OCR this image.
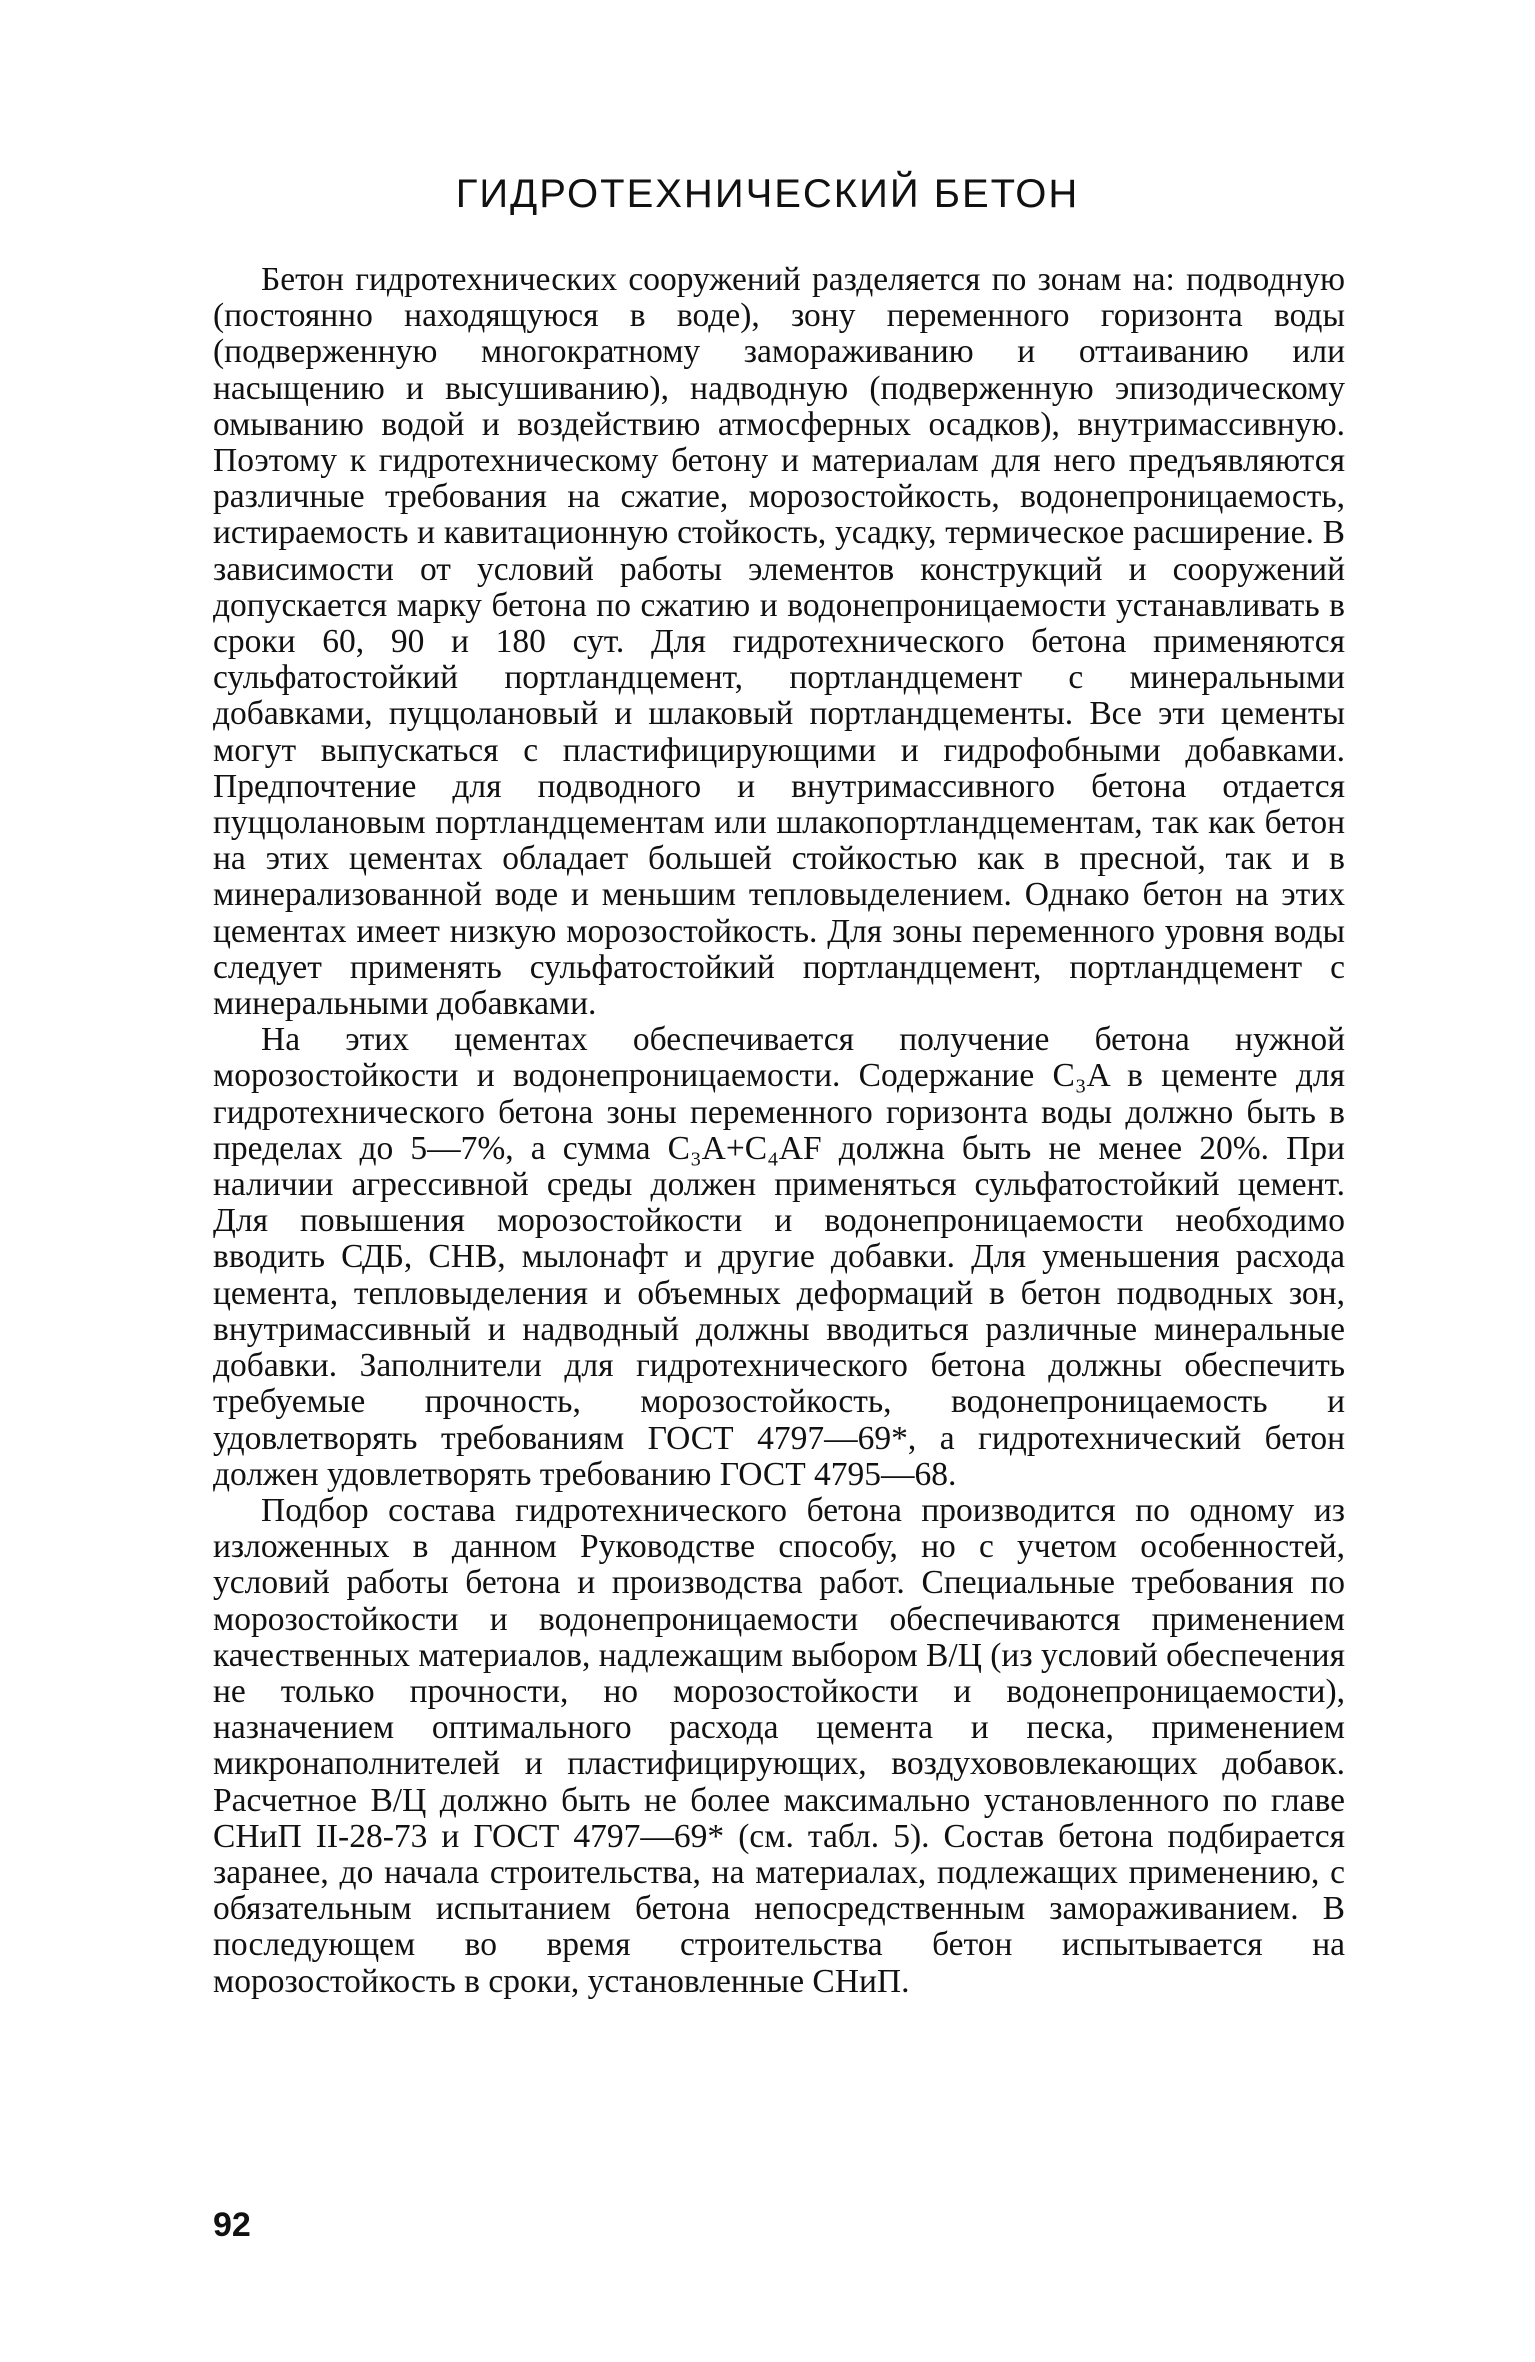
ГИДРОТЕХНИЧЕСКИЙ БЕТОН

Бетон гидротехнических сооружений разделяется по зонам на: подводную (постоянно находящуюся в воде), зону переменного горизонта воды (подверженную многократному замораживанию и оттаиванию или насыщению и высушиванию), надводную (подверженную эпизодическому омыванию водой и воздействию атмосферных осадков), внутримассивную. Поэтому к гидротехническому бетону и материалам для него предъявляются различные требования на сжатие, морозостойкость, водонепроницаемость, истираемость и кавитационную стойкость, усадку, термическое расширение. В зависимости от условий работы элементов конструкций и сооружений допускается марку бетона по сжатию и водонепроницаемости устанавливать в сроки 60, 90 и 180 сут. Для гидротехнического бетона применяются сульфатостойкий портландцемент, портландцемент с минеральными добавками, пуццолановый и шлаковый портландцементы. Все эти цементы могут выпускаться с пластифицирующими и гидрофобными добавками. Предпочтение для подводного и внутримассивного бетона отдается пуццолановым портландцементам или шлакопортландцементам, так как бетон на этих цементах обладает большей стойкостью как в пресной, так и в минерализованной воде и меньшим тепловыделением. Однако бетон на этих цементах имеет низкую морозостойкость. Для зоны переменного уровня воды следует применять сульфатостойкий портландцемент, портландцемент с минеральными добавками.

На этих цементах обеспечивается получение бетона нужной морозостойкости и водонепроницаемости. Содержание C₃A в цементе для гидротехнического бетона зоны переменного горизонта воды должно быть в пределах до 5—7%, а сумма C₃A+C₄AF должна быть не менее 20%. При наличии агрессивной среды должен применяться сульфатостойкий цемент. Для повышения морозостойкости и водонепроницаемости необходимо вводить СДБ, СНВ, мылонафт и другие добавки. Для уменьшения расхода цемента, тепловыделения и объемных деформаций в бетон подводных зон, внутримассивный и надводный должны вводиться различные минеральные добавки. Заполнители для гидротехнического бетона должны обеспечить требуемые прочность, морозостойкость, водонепроницаемость и удовлетворять требованиям ГОСТ 4797—69*, а гидротехнический бетон должен удовлетворять требованию ГОСТ 4795—68.

Подбор состава гидротехнического бетона производится по одному из изложенных в данном Руководстве способу, но с учетом особенностей, условий работы бетона и производства работ. Специальные требования по морозостойкости и водонепроницаемости обеспечиваются применением качественных материалов, надлежащим выбором В/Ц (из условий обеспечения не только прочности, но морозостойкости и водонепроницаемости), назначением оптимального расхода цемента и песка, применением микронаполнителей и пластифицирующих, воздухововлекающих добавок. Расчетное В/Ц должно быть не более максимально установленного по главе СНиП II-28-73 и ГОСТ 4797—69* (см. табл. 5). Состав бетона подбирается заранее, до начала строительства, на материалах, подлежащих применению, с обязательным испытанием бетона непосредственным замораживанием. В последующем во время строительства бетон испытывается на морозостойкость в сроки, установленные СНиП.

92
